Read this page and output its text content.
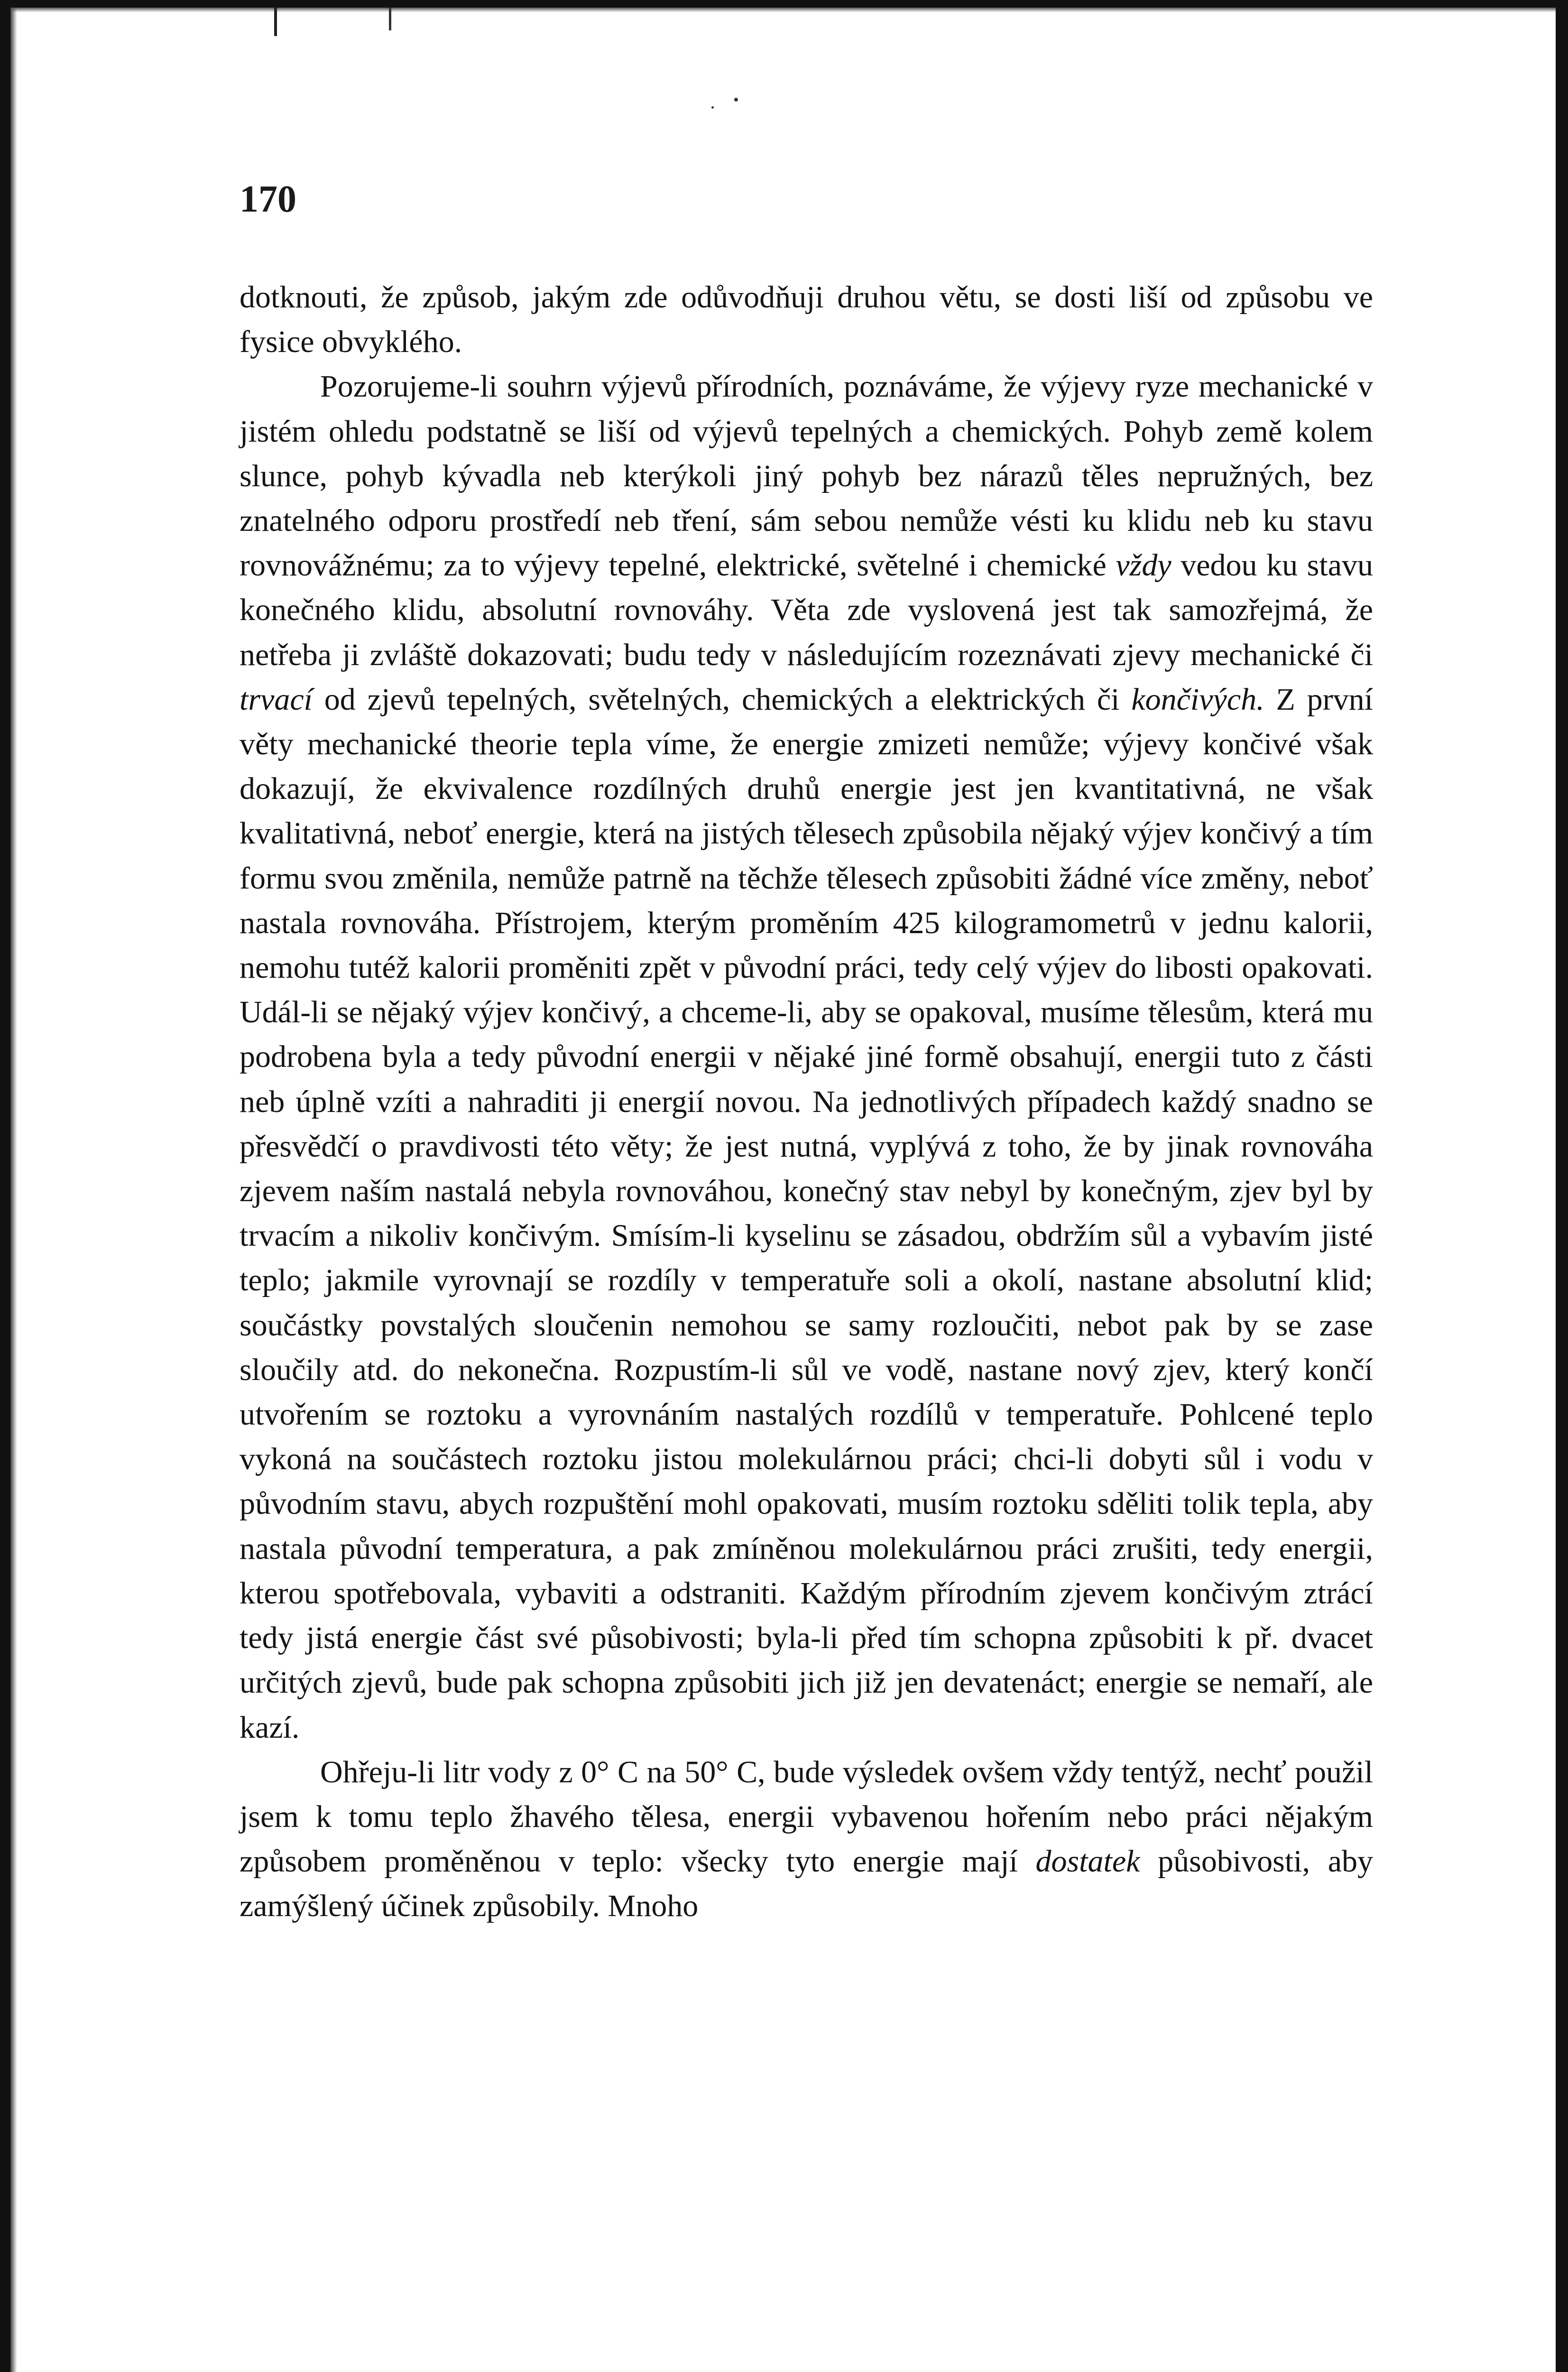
170

dotknouti, že způsob, jakým zde odůvodňuji druhou větu, se dosti liší od způsobu ve fysice obvyklého.

Pozorujeme-li souhrn výjevů přírodních, poznáváme, že výjevy ryze mechanické v jistém ohledu podstatně se liší od výjevů tepelných a chemických. Pohyb země kolem slunce, pohyb kývadla neb kterýkoli jiný pohyb bez nárazů těles nepružných, bez znatelného odporu prostředí neb tření, sám sebou nemůže vésti ku klidu neb ku stavu rovnovážnému; za to výjevy tepelné, elektrické, světelné i chemické vždy vedou ku stavu konečného klidu, absolutní rovnováhy. Věta zde vyslovená jest tak samozřejmá, že netřeba ji zvláště dokazovati; budu tedy v následujícím rozeznávati zjevy mechanické či trvací od zjevů tepelných, světelných, chemických a elektrických či končivých. Z první věty mechanické theorie tepla víme, že energie zmizeti nemůže; výjevy končivé však dokazují, že ekvivalence rozdílných druhů energie jest jen kvantitativná, ne však kvalitativná, neboť energie, která na jistých tělesech způsobila nějaký výjev končivý a tím formu svou změnila, nemůže patrně na těchže tělesech způsobiti žádné více změny, neboť nastala rovnováha. Přístrojem, kterým proměním 425 kilogramometrů v jednu kalorii, nemohu tutéž kalorii proměniti zpět v původní práci, tedy celý výjev do libosti opakovati. Udál-li se nějaký výjev končivý, a chceme-li, aby se opakoval, musíme tělesům, která mu podrobena byla a tedy původní energii v nějaké jiné formě obsahují, energii tuto z části neb úplně vzíti a nahraditi ji energií novou. Na jednotlivých případech každý snadno se přesvědčí o pravdivosti této věty; že jest nutná, vyplývá z toho, že by jinak rovnováha zjevem naším nastalá nebyla rovnováhou, konečný stav nebyl by konečným, zjev byl by trvacím a nikoliv končivým. Smísím-li kyselinu se zásadou, obdržím sůl a vybavím jisté teplo; jakmile vyrovnají se rozdíly v temperatuře soli a okolí, nastane absolutní klid; součástky povstalých sloučenin nemohou se samy rozloučiti, nebot pak by se zase sloučily atd. do nekonečna. Rozpustím-li sůl ve vodě, nastane nový zjev, který končí utvořením se roztoku a vyrovnáním nastalých rozdílů v temperatuře. Pohlcené teplo vykoná na součástech roztoku jistou molekulárnou práci; chci-li dobyti sůl i vodu v původním stavu, abych rozpuštění mohl opakovati, musím roztoku sděliti tolik tepla, aby nastala původní temperatura, a pak zmíněnou molekulárnou práci zrušiti, tedy energii, kterou spotřebovala, vybaviti a odstraniti. Každým přírodním zjevem končivým ztrácí tedy jistá energie část své působivosti; byla-li před tím schopna způsobiti k př. dvacet určitých zjevů, bude pak schopna způsobiti jich již jen devatenáct; energie se nemaří, ale kazí.

Ohřeju-li litr vody z 0° C na 50° C, bude výsledek ovšem vždy tentýž, nechť použil jsem k tomu teplo žhavého tělesa, energii vybavenou hořením nebo práci nějakým způsobem proměněnou v teplo: všecky tyto energie mají dostatek působivosti, aby zamýšlený účinek způsobily. Mnoho
